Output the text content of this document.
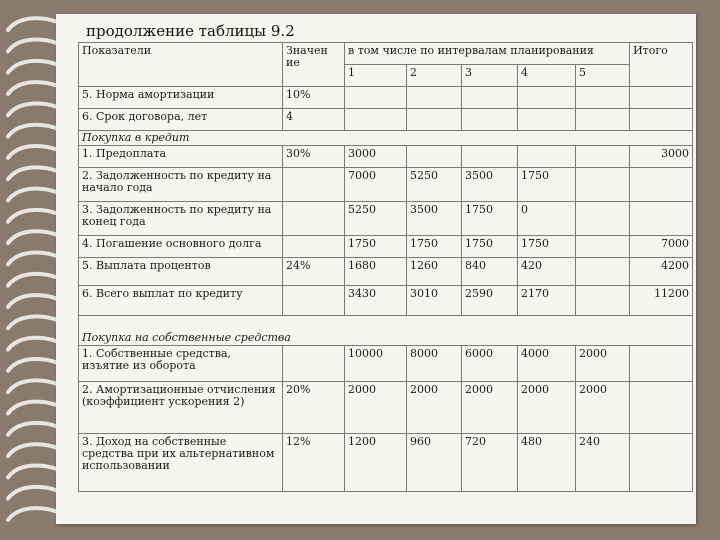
продолжение таблицы 9.2
Показатели	Значен ие	в том числе по интервалам планирования					Итого
		1	2	3	4	5	
5. Норма амортизации	10%						
6. Срок договора, лет	4						
Покупка в кредит							
1. Предоплата	30%	3000					3000
2. Задолженность по кредиту на начало года		7000	5250	3500	1750		
3. Задолженность по кредиту на конец года		5250	3500	1750	0		
4. Погашение основного долга		1750	1750	1750	1750		7000
5. Выплата процентов	24%	1680	1260	840	420		4200
6. Всего выплат по кредиту		3430	3010	2590	2170		11200
Покупка на собственные средства							
1. Собственные средства, изъятие из оборота		10000	8000	6000	4000	2000	
2. Амортизационные отчисления (коэффициент ускорения 2)	20%	2000	2000	2000	2000	2000	
3. Доход на собственные средства при их альтернативном использовании	12%	1200	960	720	480	240	
